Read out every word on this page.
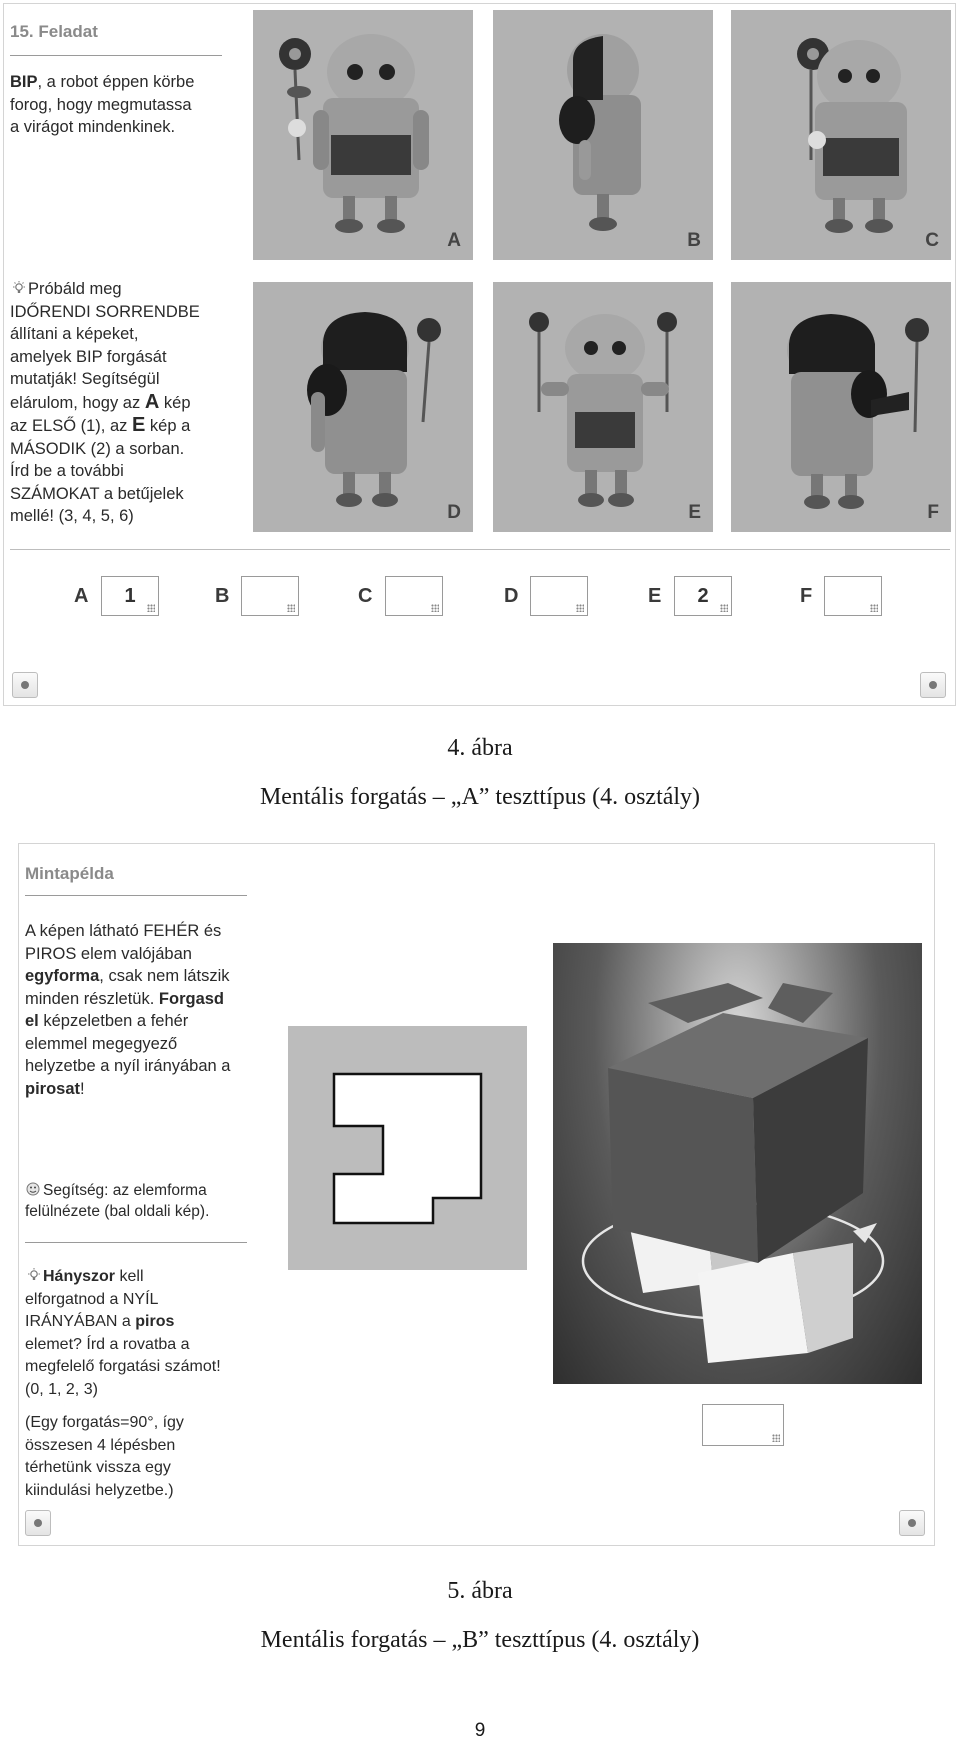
15. Feladat
BIP, a robot éppen körbe
forog, hogy megmutassa
a virágot mindenkinek.
Próbáld meg
IDŐRENDI SORRENDBE
állítani a képeket,
amelyek BIP forgását
mutatják! Segítségül
elárulom, hogy az A kép
az ELSŐ (1), az E kép a
MÁSODIK (2) a sorban.
Írd be a további
SZÁMOKAT a betűjelek
mellé! (3, 4, 5, 6)
A	B	C
D	E	F
A	1	B	C	D	E	2	F
4. ábra
Mentális forgatás – „A” teszttípus (4. osztály)
Mintapélda
A képen látható FEHÉR és
PIROS elem valójában
egyforma, csak nem látszik
minden részletük. Forgasd
el képzeletben a fehér
elemmel megegyező
helyzetbe a nyíl irányában a
pirosat!
Segítség: az elemforma
felülnézete (bal oldali kép).
Hányszor kell
elforgatnod a NYÍL
IRÁNYÁBAN a piros
elemet? Írd a rovatba a
megfelelő forgatási számot!
(0, 1, 2, 3)
(Egy forgatás=90°, így
összesen 4 lépésben
térhetünk vissza egy
kiindulási helyzetbe.)
5. ábra
Mentális forgatás – „B” teszttípus (4. osztály)
9
